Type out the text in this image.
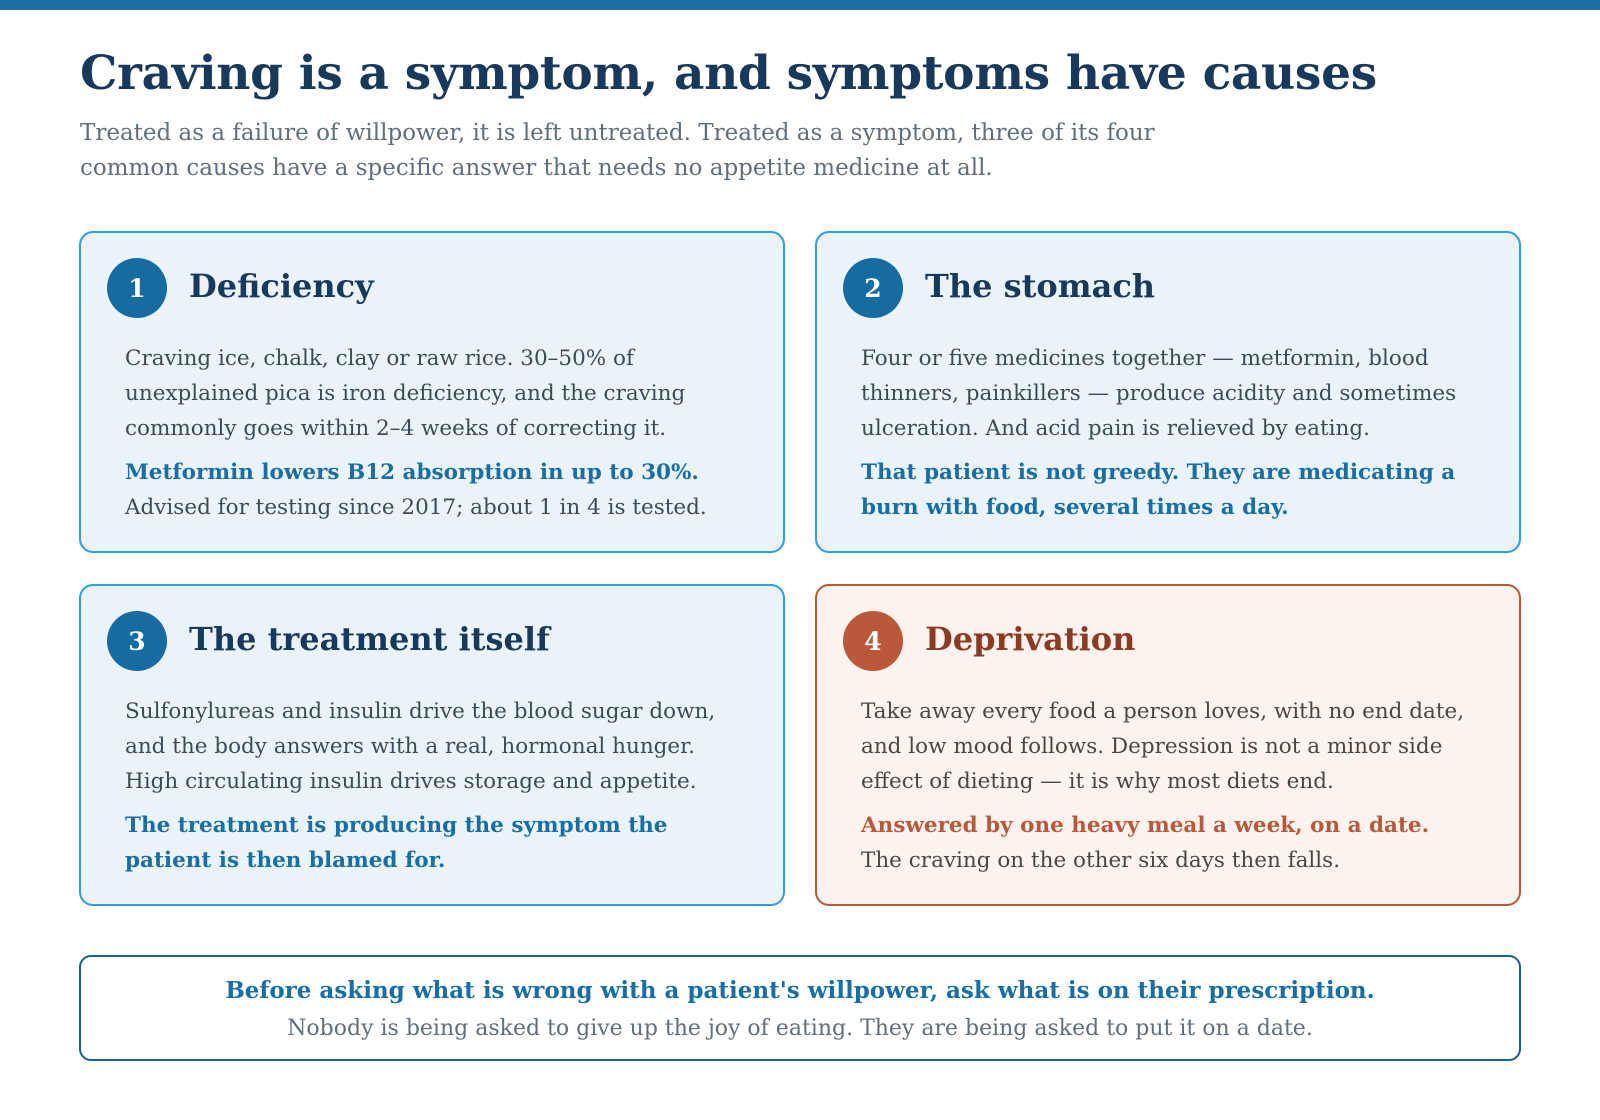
Craving is a symptom, and symptoms have causes

Treated as a failure of willpower, it is left untreated. Treated as a symptom, three of its four common causes have a specific answer that needs no appetite medicine at all.

1	Deficiency
Craving ice, chalk, clay or raw rice. 30–50% of unexplained pica is iron deficiency, and the craving commonly goes within 2–4 weeks of correcting it.
Metformin lowers B12 absorption in up to 30%.
Advised for testing since 2017; about 1 in 4 is tested.
2	The stomach
Four or five medicines together — metformin, blood thinners, painkillers — produce acidity and sometimes ulceration. And acid pain is relieved by eating.
That patient is not greedy. They are medicating a burn with food, several times a day.
3	The treatment itself
Sulfonylureas and insulin drive the blood sugar down, and the body answers with a real, hormonal hunger. High circulating insulin drives storage and appetite.
The treatment is producing the symptom the patient is then blamed for.
4	Deprivation
Take away every food a person loves, with no end date, and low mood follows. Depression is not a minor side effect of dieting — it is why most diets end.
Answered by one heavy meal a week, on a date.
The craving on the other six days then falls.
Before asking what is wrong with a patient's willpower, ask what is on their prescription.
Nobody is being asked to give up the joy of eating. They are being asked to put it on a date.
